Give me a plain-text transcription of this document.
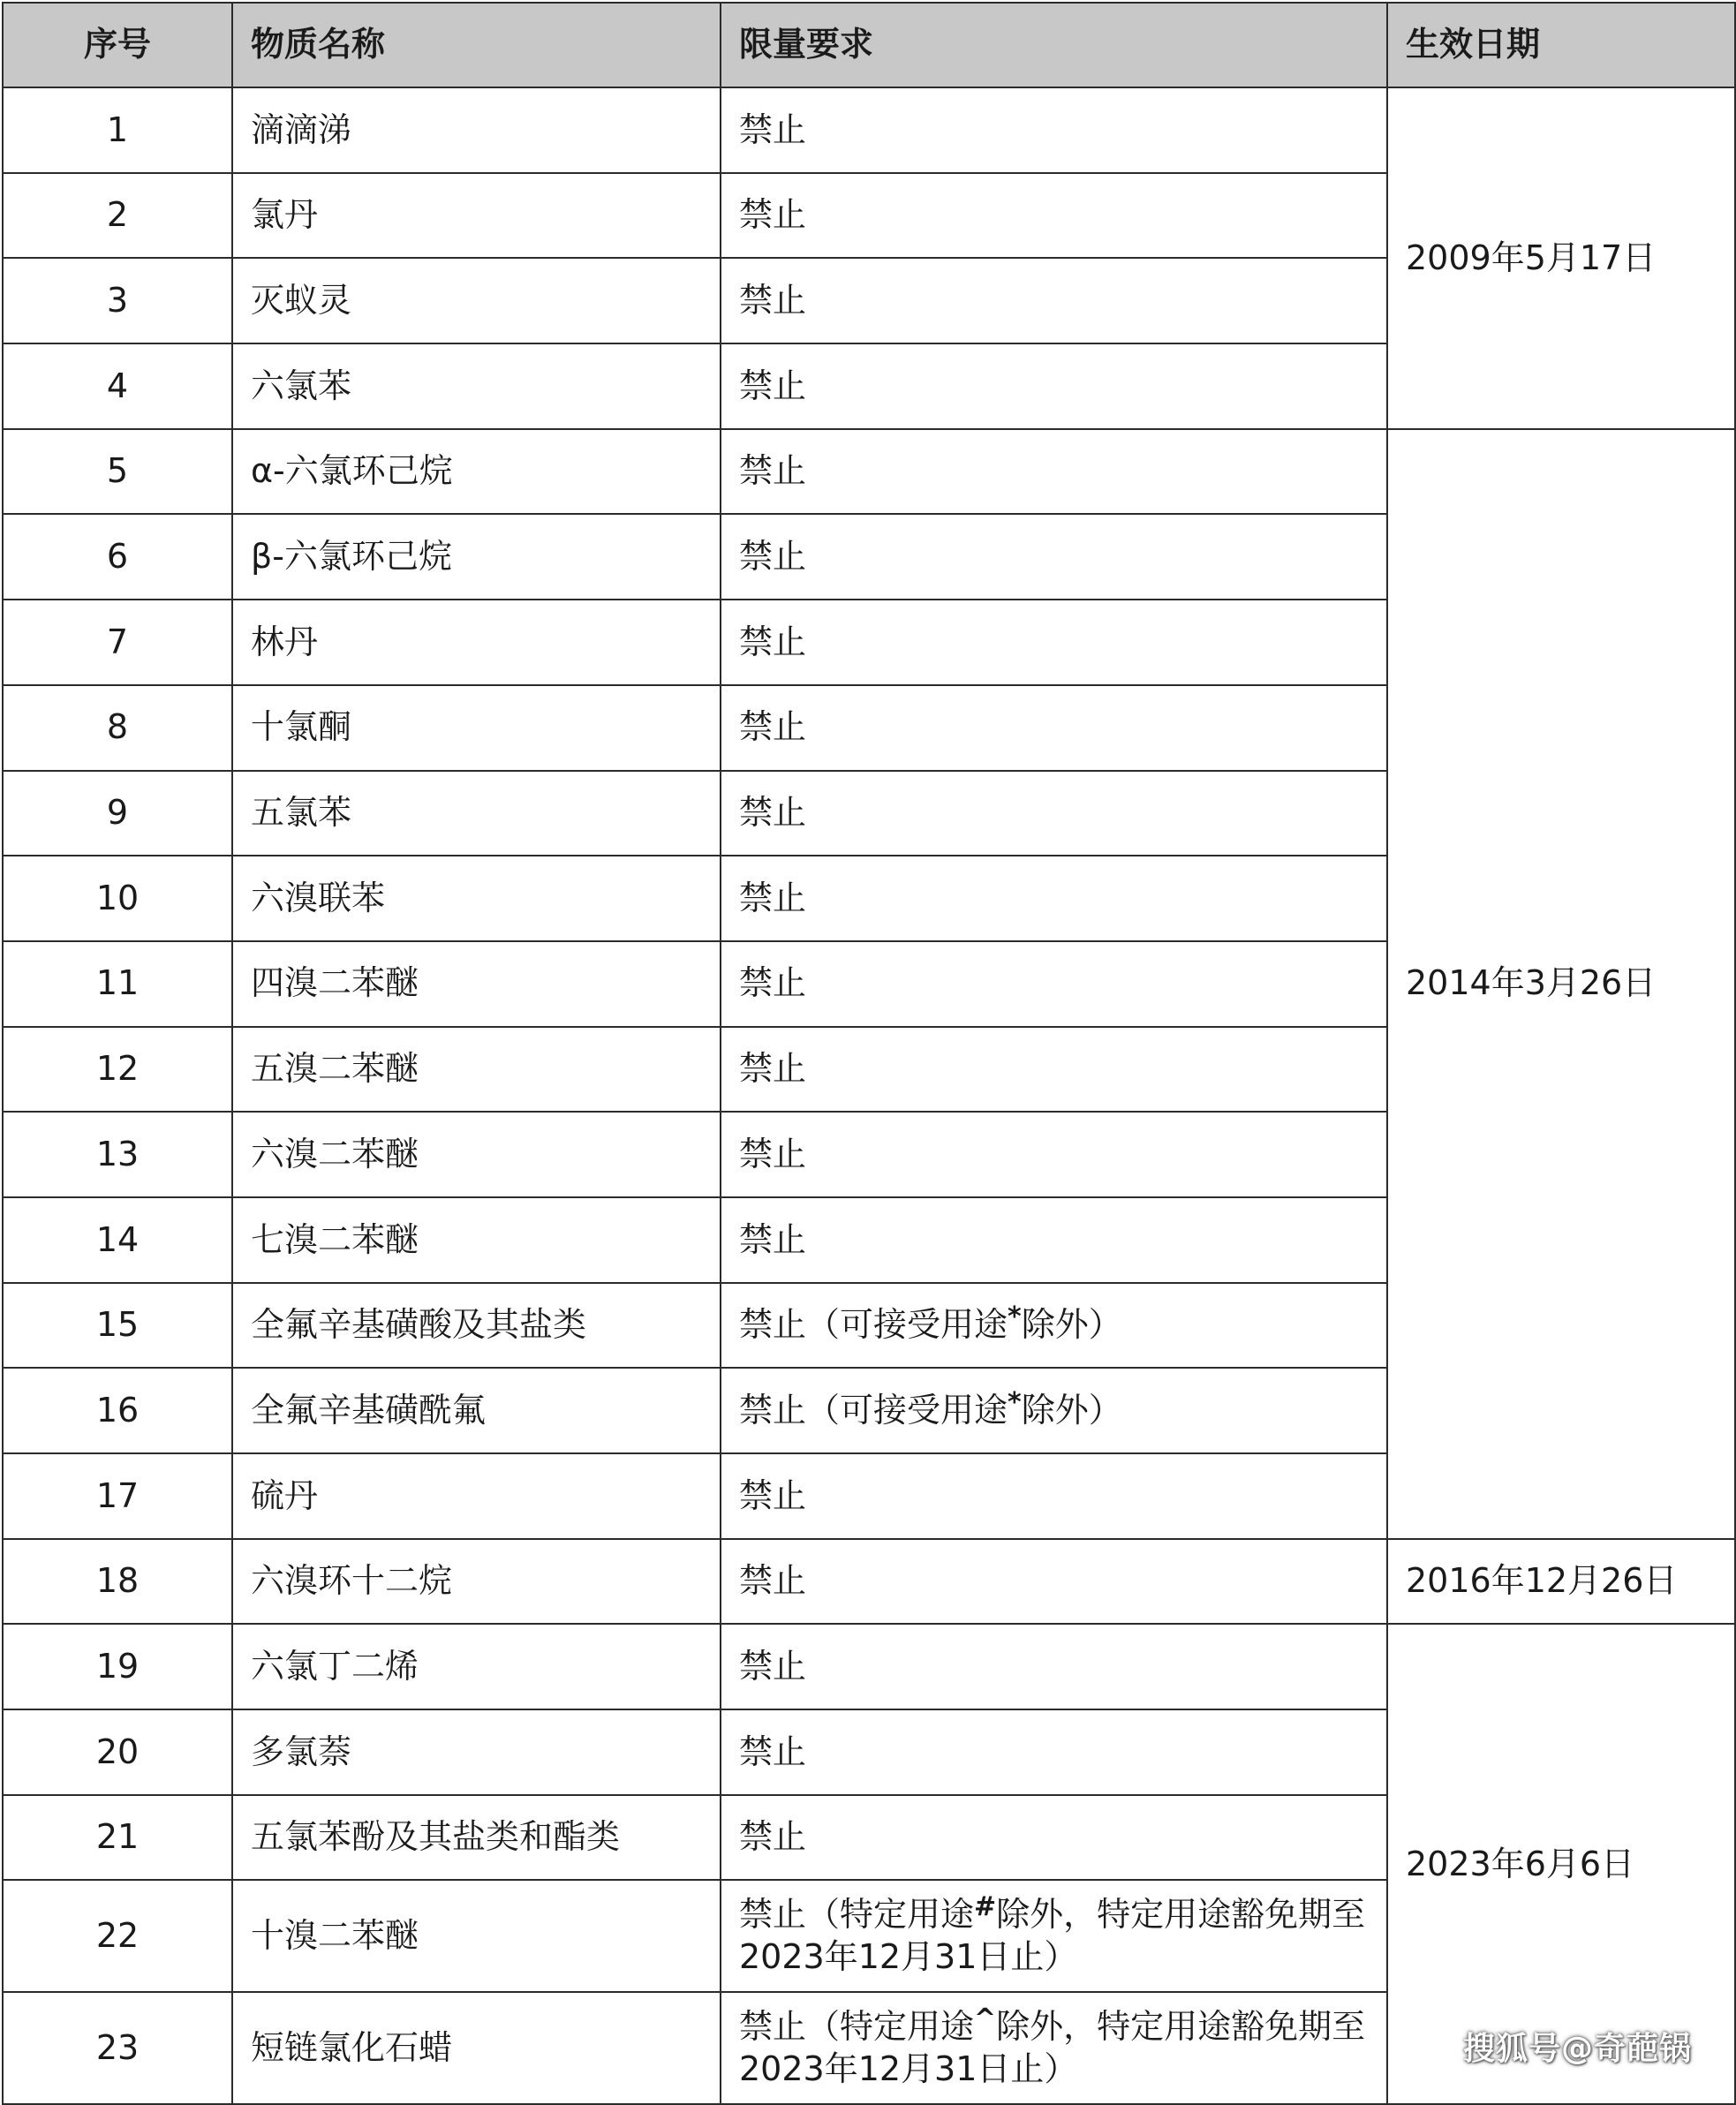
序号	物质名称	限量要求	生效日期
1	滴滴涕	禁止	2009年5月17日
2	氯丹	禁止	
3	灭蚁灵	禁止	
4	六氯苯	禁止	
5	α-六氯环己烷	禁止	2014年3月26日
6	β-六氯环己烷	禁止	
7	林丹	禁止	
8	十氯酮	禁止	
9	五氯苯	禁止	
10	六溴联苯	禁止	
11	四溴二苯醚	禁止	
12	五溴二苯醚	禁止	
13	六溴二苯醚	禁止	
14	七溴二苯醚	禁止	
15	全氟辛基磺酸及其盐类	禁止（可接受用途*除外）	
16	全氟辛基磺酰氟	禁止（可接受用途*除外）	
17	硫丹	禁止	
18	六溴环十二烷	禁止	2016年12月26日
19	六氯丁二烯	禁止	2023年6月6日
20	多氯萘	禁止	
21	五氯苯酚及其盐类和酯类	禁止	
22	十溴二苯醚	禁止（特定用途#除外，特定用途豁免期至2023年12月31日止）	
23	短链氯化石蜡	禁止（特定用途^除外，特定用途豁免期至2023年12月31日止）	
搜狐号@奇葩锅
